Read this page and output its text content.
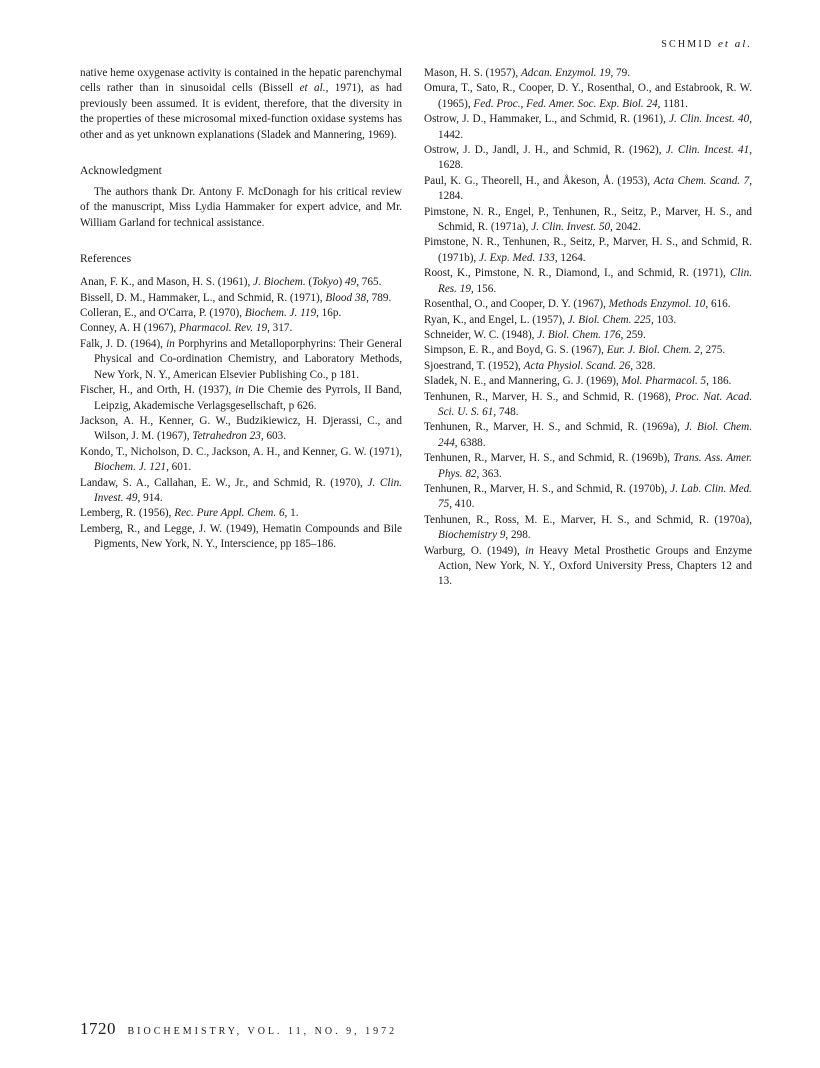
SCHMID et al.

native heme oxygenase activity is contained in the hepatic parenchymal cells rather than in sinusoidal cells (Bissell et al., 1971), as had previously been assumed. It is evident, therefore, that the diversity in the properties of these microsomal mixed-function oxidase systems has other and as yet unknown explanations (Sladek and Mannering, 1969).

Acknowledgment

The authors thank Dr. Antony F. McDonagh for his critical review of the manuscript, Miss Lydia Hammaker for expert advice, and Mr. William Garland for technical assistance.

References

Anan, F. K., and Mason, H. S. (1961), J. Biochem. (Tokyo) 49, 765.

Bissell, D. M., Hammaker, L., and Schmid, R. (1971), Blood 38, 789.

Colleran, E., and O'Carra, P. (1970), Biochem. J. 119, 16p.

Conney, A. H (1967), Pharmacol. Rev. 19, 317.

Falk, J. D. (1964), in Porphyrins and Metalloporphyrins: Their General Physical and Co-ordination Chemistry, and Laboratory Methods, New York, N. Y., American Elsevier Publishing Co., p 181.

Fischer, H., and Orth, H. (1937), in Die Chemie des Pyrrols, II Band, Leipzig, Akademische Verlagsgesellschaft, p 626.

Jackson, A. H., Kenner, G. W., Budzikiewicz, H. Djerassi, C., and Wilson, J. M. (1967), Tetrahedron 23, 603.

Kondo, T., Nicholson, D. C., Jackson, A. H., and Kenner, G. W. (1971), Biochem. J. 121, 601.

Landaw, S. A., Callahan, E. W., Jr., and Schmid, R. (1970), J. Clin. Invest. 49, 914.

Lemberg, R. (1956), Rec. Pure Appl. Chem. 6, 1.

Lemberg, R., and Legge, J. W. (1949), Hematin Compounds and Bile Pigments, New York, N. Y., Interscience, pp 185–186.

Mason, H. S. (1957), Adcan. Enzymol. 19, 79.

Omura, T., Sato, R., Cooper, D. Y., Rosenthal, O., and Estabrook, R. W. (1965), Fed. Proc., Fed. Amer. Soc. Exp. Biol. 24, 1181.

Ostrow, J. D., Hammaker, L., and Schmid, R. (1961), J. Clin. Incest. 40, 1442.

Ostrow, J. D., Jandl, J. H., and Schmid, R. (1962), J. Clin. Incest. 41, 1628.

Paul, K. G., Theorell, H., and Åkeson, Å. (1953), Acta Chem. Scand. 7, 1284.

Pimstone, N. R., Engel, P., Tenhunen, R., Seitz, P., Marver, H. S., and Schmid, R. (1971a), J. Clin. Invest. 50, 2042.

Pimstone, N. R., Tenhunen, R., Seitz, P., Marver, H. S., and Schmid, R. (1971b), J. Exp. Med. 133, 1264.

Roost, K., Pimstone, N. R., Diamond, I., and Schmid, R. (1971), Clin. Res. 19, 156.

Rosenthal, O., and Cooper, D. Y. (1967), Methods Enzymol. 10, 616.

Ryan, K., and Engel, L. (1957), J. Biol. Chem. 225, 103.

Schneider, W. C. (1948), J. Biol. Chem. 176, 259.

Simpson, E. R., and Boyd, G. S. (1967), Eur. J. Biol. Chem. 2, 275.

Sjoestrand, T. (1952), Acta Physiol. Scand. 26, 328.

Sladek, N. E., and Mannering, G. J. (1969), Mol. Pharmacol. 5, 186.

Tenhunen, R., Marver, H. S., and Schmid, R. (1968), Proc. Nat. Acad. Sci. U. S. 61, 748.

Tenhunen, R., Marver, H. S., and Schmid, R. (1969a), J. Biol. Chem. 244, 6388.

Tenhunen, R., Marver, H. S., and Schmid, R. (1969b), Trans. Ass. Amer. Phys. 82, 363.

Tenhunen, R., Marver, H. S., and Schmid, R. (1970b), J. Lab. Clin. Med. 75, 410.

Tenhunen, R., Ross, M. E., Marver, H. S., and Schmid, R. (1970a), Biochemistry 9, 298.

Warburg, O. (1949), in Heavy Metal Prosthetic Groups and Enzyme Action, New York, N. Y., Oxford University Press, Chapters 12 and 13.

1720 BIOCHEMISTRY, VOL. 11, NO. 9, 1972
